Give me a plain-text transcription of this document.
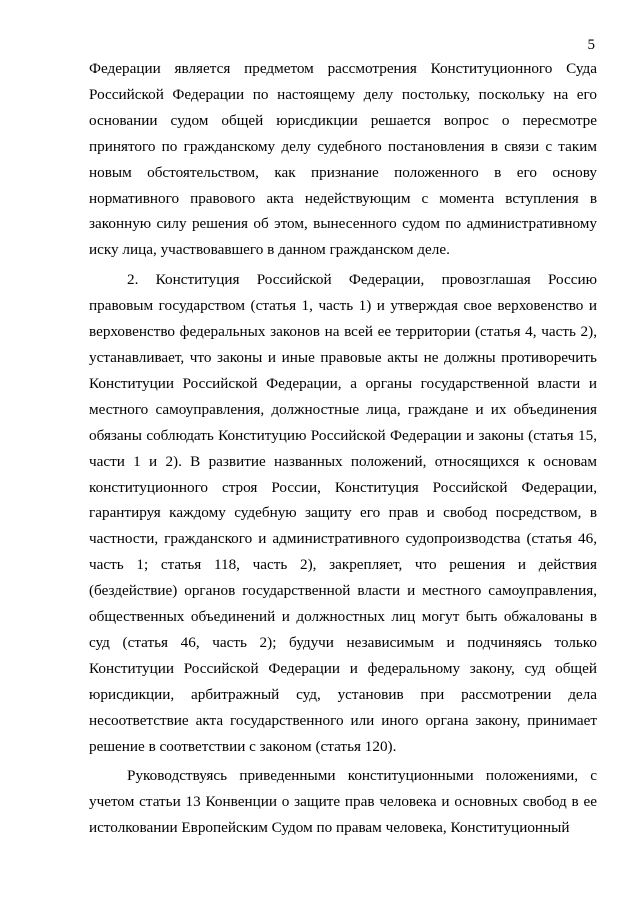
5

Федерации является предметом рассмотрения Конституционного Суда Российской Федерации по настоящему делу постольку, поскольку на его основании судом общей юрисдикции решается вопрос о пересмотре принятого по гражданскому делу судебного постановления в связи с таким новым обстоятельством, как признание положенного в его основу нормативного правового акта недействующим с момента вступления в законную силу решения об этом, вынесенного судом по административному иску лица, участвовавшего в данном гражданском деле.

2. Конституция Российской Федерации, провозглашая Россию правовым государством (статья 1, часть 1) и утверждая свое верховенство и верховенство федеральных законов на всей ее территории (статья 4, часть 2), устанавливает, что законы и иные правовые акты не должны противоречить Конституции Российской Федерации, а органы государственной власти и местного самоуправления, должностные лица, граждане и их объединения обязаны соблюдать Конституцию Российской Федерации и законы (статья 15, части 1 и 2). В развитие названных положений, относящихся к основам конституционного строя России, Конституция Российской Федерации, гарантируя каждому судебную защиту его прав и свобод посредством, в частности, гражданского и административного судопроизводства (статья 46, часть 1; статья 118, часть 2), закрепляет, что решения и действия (бездействие) органов государственной власти и местного самоуправления, общественных объединений и должностных лиц могут быть обжалованы в суд (статья 46, часть 2); будучи независимым и подчиняясь только Конституции Российской Федерации и федеральному закону, суд общей юрисдикции, арбитражный суд, установив при рассмотрении дела несоответствие акта государственного или иного органа закону, принимает решение в соответствии с законом (статья 120).

Руководствуясь приведенными конституционными положениями, с учетом статьи 13 Конвенции о защите прав человека и основных свобод в ее истолковании Европейским Судом по правам человека, Конституционный
